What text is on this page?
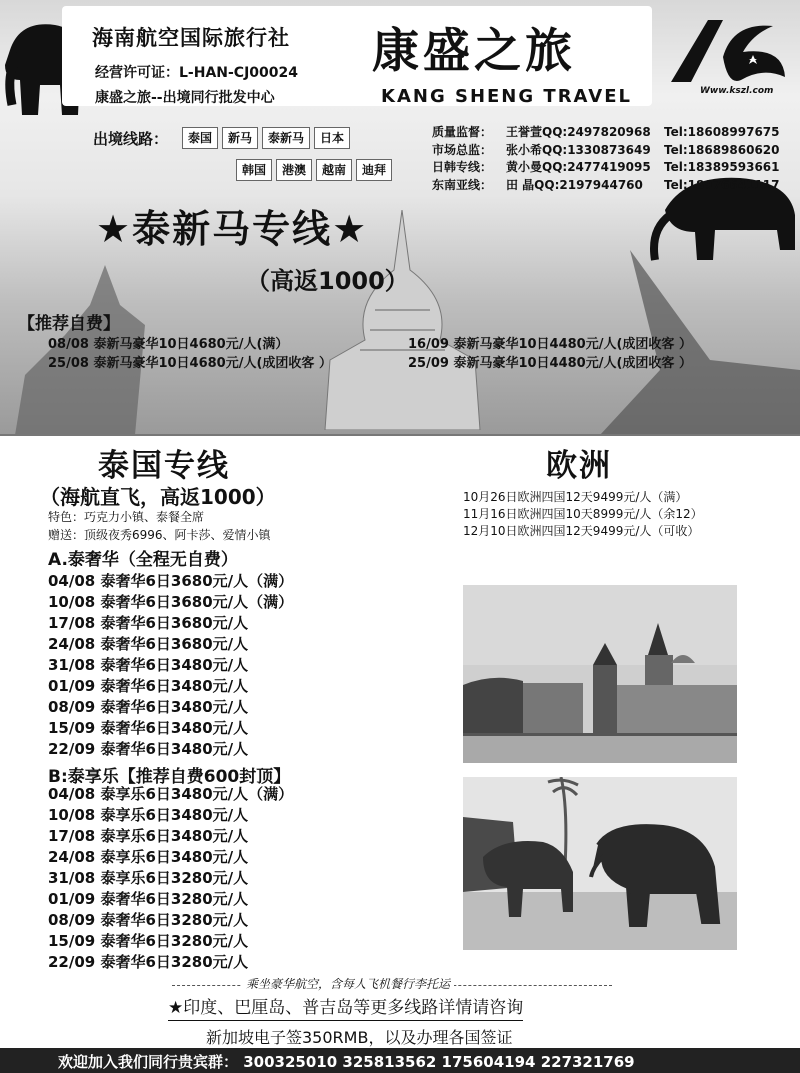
海南航空国际旅行社
经营许可证：L-HAN-CJ00024
康盛之旅--出境同行批发中心
康盛之旅
KANG SHENG TRAVEL	Www.kszl.com
出境线路：	泰国	新马	泰新马	日本
韩国	港澳	越南	迪拜
质量监督： 王誉萱QQ:2497820968 Tel:18608997675
市场总监： 张小希QQ:1330873649 Tel:18689860620
日韩专线： 黄小曼QQ:2477419095 Tel:18389593661
东南亚线： 田 晶QQ:2197944760 Tel:18976641117
★泰新马专线★
（高返1000）
【推荐自费】
08/08 泰新马豪华10日4680元/人(满）
25/08 泰新马豪华10日4680元/人(成团收客 ）
16/09 泰新马豪华10日4480元/人(成团收客 ）
25/09 泰新马豪华10日4480元/人(成团收客 ）
泰国专线
（海航直飞，高返1000）
特色：巧克力小镇、泰餐全席
赠送：顶级夜秀6996、阿卡莎、爱情小镇
A.泰奢华（全程无自费）
04/08 泰奢华6日3680元/人（满）
10/08 泰奢华6日3680元/人（满）
17/08 泰奢华6日3680元/人
24/08 泰奢华6日3680元/人
31/08 泰奢华6日3480元/人
01/09 泰奢华6日3480元/人
08/09 泰奢华6日3480元/人
15/09 泰奢华6日3480元/人
22/09 泰奢华6日3480元/人
B:泰享乐【推荐自费600封顶】
04/08 泰享乐6日3480元/人（满）
10/08 泰享乐6日3480元/人
17/08 泰享乐6日3480元/人
24/08 泰享乐6日3480元/人
31/08 泰享乐6日3280元/人
01/09 泰奢华6日3280元/人
08/09 泰奢华6日3280元/人
15/09 泰奢华6日3280元/人
22/09 泰奢华6日3280元/人
欧洲
10月26日欧洲四国12天9499元/人（满）
11月16日欧洲四国10天8999元/人（余12）
12月10日欧洲四国12天9499元/人（可收）
乘坐豪华航空，含每人飞机餐行李托运
★印度、巴厘岛、普吉岛等更多线路详情请咨询
新加坡电子签350RMB，以及办理各国签证
欢迎加入我们同行贵宾群： 300325010 325813562 175604194 227321769
